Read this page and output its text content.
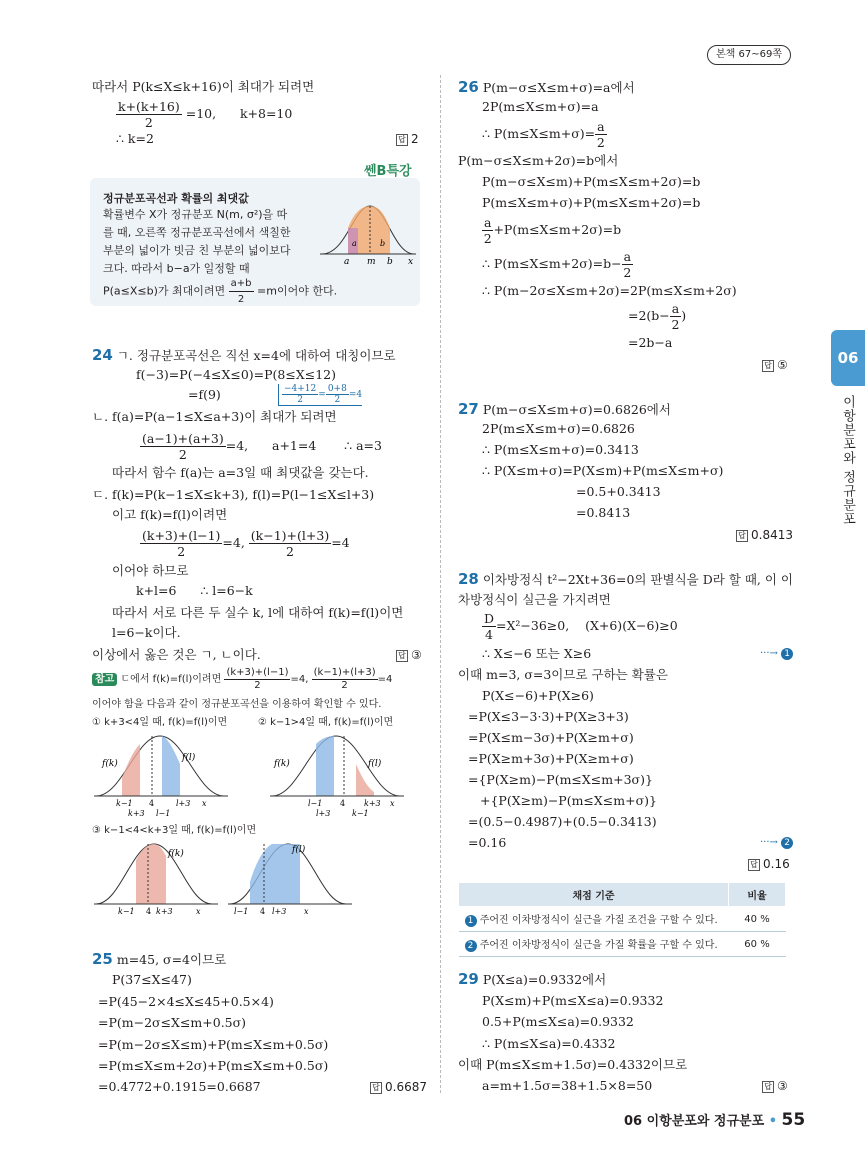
본책 67~69쪽
06
이항분포와 정규분포
따라서 P(k≤X≤k+16)이 최대가 되려면
$\frac{k+(k+16)}{2} =10$, k+8=10
∴ k=2	답 2
쎈B특강
정규분포곡선과 확률의 최댓값
확률변수 X가 정규분포 N(m, σ²)을 따
를 때, 오른쪽 정규분포곡선에서 색칠한
부분의 넓이가 빗금 친 부분의 넓이보다
크다. 따라서 b−a가 일정할 때
P(a≤X≤b)가 최대이려면 $\frac{a+b}{2} =m$이어야 한다.
a m b x
a	b
24 ㄱ. 정규분포곡선은 직선 x=4에 대하여 대칭이므로
f(−3)=P(−4≤X≤0)=P(8≤X≤12)
=f(9)	$\frac{-4+12}{2} = \frac{0+8}{2} =4$
ㄴ. f(a)=P(a−1≤X≤a+3)이 최대가 되려면
$\frac{(a-1)+(a+3)}{2} =4$, a+1=4 ∴ a=3
따라서 함수 f(a)는 a=3일 때 최댓값을 갖는다.
ㄷ. f(k)=P(k−1≤X≤k+3), f(l)=P(l−1≤X≤l+3)
이고 f(k)=f(l)이려면
$\frac{(k+3)+(l-1)}{2} =4$, $\frac{(k-1)+(l+3)}{2} =4$
이어야 하므로
k+l=6 ∴ l=6−k
따라서 서로 다른 두 실수 k, l에 대하여 f(k)=f(l)이면
l=6−k이다.
이상에서 옳은 것은 ㄱ, ㄴ이다.	답 ③
참고 ㄷ에서 f(k)=f(l)이려면 $\frac{(k+3)+(l-1)}{2} =4$, $\frac{(k-1)+(l+3)}{2} =4$
이어야 함을 다음과 같이 정규분포곡선을 이용하여 확인할 수 있다.
① k+3<4일 때, f(k)=f(l)이면	② k−1>4일 때, f(k)=f(l)이면
f(k)
f(l)
k−1 4	l+3 x
k+3 l−1
f(k)	f(l)
l−1 4 k+3 x
l+3	k−1
③ k−1<4<k+3일 때, f(k)=f(l)이면
f(k)
k−1 4 k+3	x
f(l)
l−1 4 l+3 x
25 m=45, σ=4이므로
P(37≤X≤47)
=P(45−2×4≤X≤45+0.5×4)
=P(m−2σ≤X≤m+0.5σ)
=P(m−2σ≤X≤m)+P(m≤X≤m+0.5σ)
=P(m≤X≤m+2σ)+P(m≤X≤m+0.5σ)
=0.4772+0.1915=0.6687	답 0.6687
26 P(m−σ≤X≤m+σ)=a에서
2P(m≤X≤m+σ)=a
∴ $P(m\le X\le m+\sigma)= \frac{a}{2}$
P(m−σ≤X≤m+2σ)=b에서
P(m−σ≤X≤m)+P(m≤X≤m+2σ)=b
P(m≤X≤m+σ)+P(m≤X≤m+2σ)=b
$\frac{a}{2} +P(m\le X\le m+2\sigma)=b$
∴ $P(m\le X\le m+2\sigma)=b- \frac{a}{2}$
∴ P(m−2σ≤X≤m+2σ)=2P(m≤X≤m+2σ)
$=2(b- \frac{a}{2}$ )
=2b−a
답 ⑤
27 P(m−σ≤X≤m+σ)=0.6826에서
2P(m≤X≤m+σ)=0.6826
∴ P(m≤X≤m+σ)=0.3413
∴ P(X≤m+σ)=P(X≤m)+P(m≤X≤m+σ)
=0.5+0.3413
=0.8413
답 0.8413
28 이차방정식 t²−2Xt+36=0의 판별식을 D라 할 때, 이 이
차방정식이 실근을 가지려면
$\frac{D}{4} =X^2-36\ge 0$, (X+6)(X−6)≥0
∴ X≤−6 또는 X≥6	···→ 1
이때 m=3, σ=3이므로 구하는 확률은
P(X≤−6)+P(X≥6)
=P(X≤3−3·3)+P(X≥3+3)
=P(X≤m−3σ)+P(X≥m+σ)
=P(X≥m+3σ)+P(X≥m+σ)
={P(X≥m)−P(m≤X≤m+3σ)}
+{P(X≥m)−P(m≤X≤m+σ)}
=(0.5−0.4987)+(0.5−0.3413)
=0.16	···→ 2
답 0.16
채점 기준	비율
1 주어진 이차방정식이 실근을 가질 조건을 구할 수 있다.	40 %
2 주어진 이차방정식이 실근을 가질 확률을 구할 수 있다.	60 %
29 P(X≤a)=0.9332에서
P(X≤m)+P(m≤X≤a)=0.9332
0.5+P(m≤X≤a)=0.9332
∴ P(m≤X≤a)=0.4332
이때 P(m≤X≤m+1.5σ)=0.4332이므로
a=m+1.5σ=38+1.5×8=50	답 ③
06 이항분포와 정규분포 • 55
